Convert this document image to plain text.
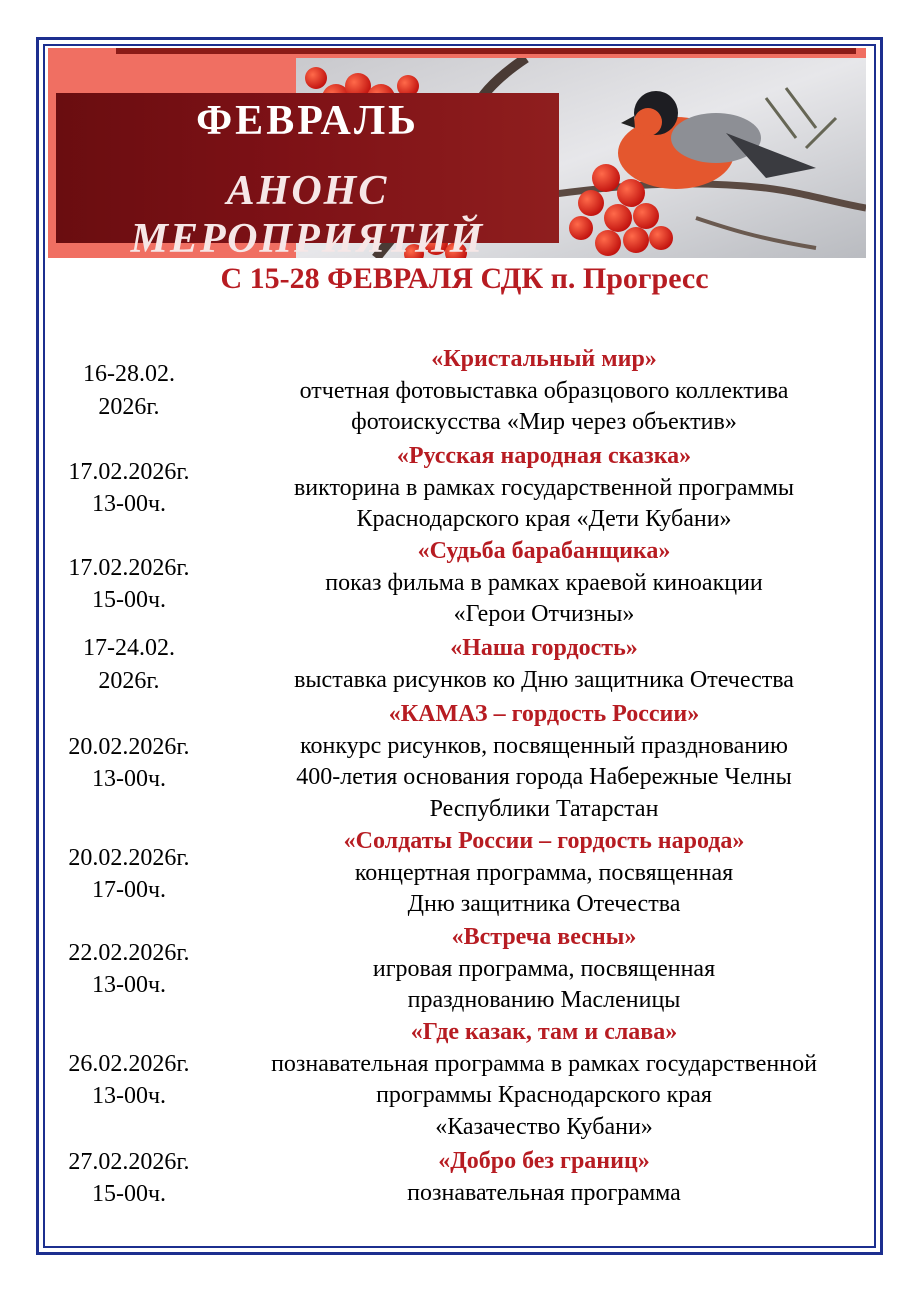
ФЕВРАЛЬ
АНОНС МЕРОПРИЯТИЙ
С 15-28 ФЕВРАЛЯ СДК п. Прогресс
16-28.02.
2026г.
«Кристальный мир»
отчетная фотовыставка образцового коллектива
фотоискусства «Мир через объектив»
17.02.2026г.
13-00ч.
«Русская народная сказка»
викторина в рамках государственной программы
Краснодарского края «Дети Кубани»
17.02.2026г.
15-00ч.
«Судьба барабанщика»
показ фильма в рамках краевой киноакции
«Герои Отчизны»
17-24.02.
2026г.
«Наша гордость»
выставка рисунков ко Дню защитника Отечества
20.02.2026г.
13-00ч.
«КАМАЗ – гордость России»
конкурс рисунков, посвященный празднованию
400-летия основания города Набережные Челны
Республики Татарстан
20.02.2026г.
17-00ч.
«Солдаты России – гордость народа»
концертная программа, посвященная
Дню защитника Отечества
22.02.2026г.
13-00ч.
«Встреча весны»
игровая программа, посвященная
празднованию Масленицы
26.02.2026г.
13-00ч.
«Где казак, там и слава»
познавательная программа в рамках государственной
программы Краснодарского края
«Казачество Кубани»
27.02.2026г.
15-00ч.
«Добро без границ»
познавательная программа
